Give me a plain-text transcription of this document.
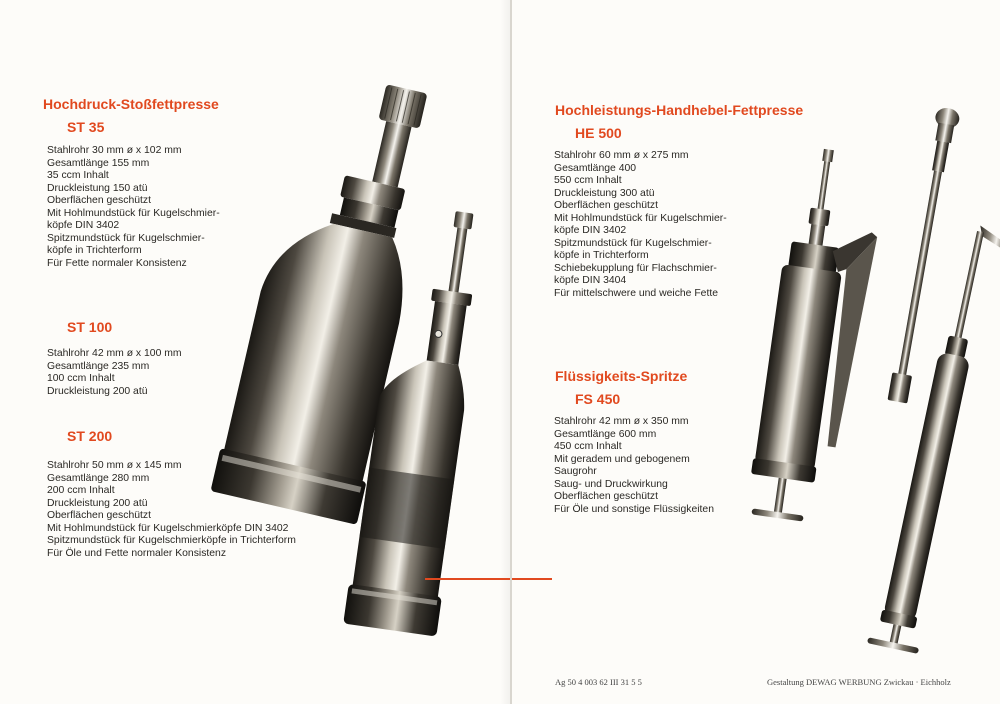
Hochdruck-Stoßfettpresse
ST 35
Stahlrohr 30 mm ø x 102 mm
Gesamtlänge 155 mm
35 ccm Inhalt
Druckleistung 150 atü
Oberflächen geschützt
Mit Hohlmundstück für Kugelschmier-
köpfe DIN 3402
Spitzmundstück für Kugelschmier-
köpfe in Trichterform
Für Fette normaler Konsistenz
ST 100
Stahlrohr 42 mm ø x 100 mm
Gesamtlänge 235 mm
100 ccm Inhalt
Druckleistung 200 atü
ST 200
Stahlrohr 50 mm ø x 145 mm
Gesamtlänge 280 mm
200 ccm Inhalt
Druckleistung 200 atü
Oberflächen geschützt
Mit Hohlmundstück für Kugelschmierköpfe DIN 3402
Spitzmundstück für Kugelschmierköpfe in Trichterform
Für Öle und Fette normaler Konsistenz
Hochleistungs-Handhebel-Fettpresse
HE 500
Stahlrohr 60 mm ø x 275 mm
Gesamtlänge 400
550 ccm Inhalt
Druckleistung 300 atü
Oberflächen geschützt
Mit Hohlmundstück für Kugelschmier-
köpfe DIN 3402
Spitzmundstück für Kugelschmier-
köpfe in Trichterform
Schiebekupplung für Flachschmier-
köpfe DIN 3404
Für mittelschwere und weiche Fette
Flüssigkeits-Spritze
FS 450
Stahlrohr 42 mm ø x 350 mm
Gesamtlänge 600 mm
450 ccm Inhalt
Mit geradem und gebogenem
Saugrohr
Saug- und Druckwirkung
Oberflächen geschützt
Für Öle und sonstige Flüssigkeiten
Ag 50 4 003 62 III 31 5 5	Gestaltung DEWAG WERBUNG Zwickau · Eichholz
